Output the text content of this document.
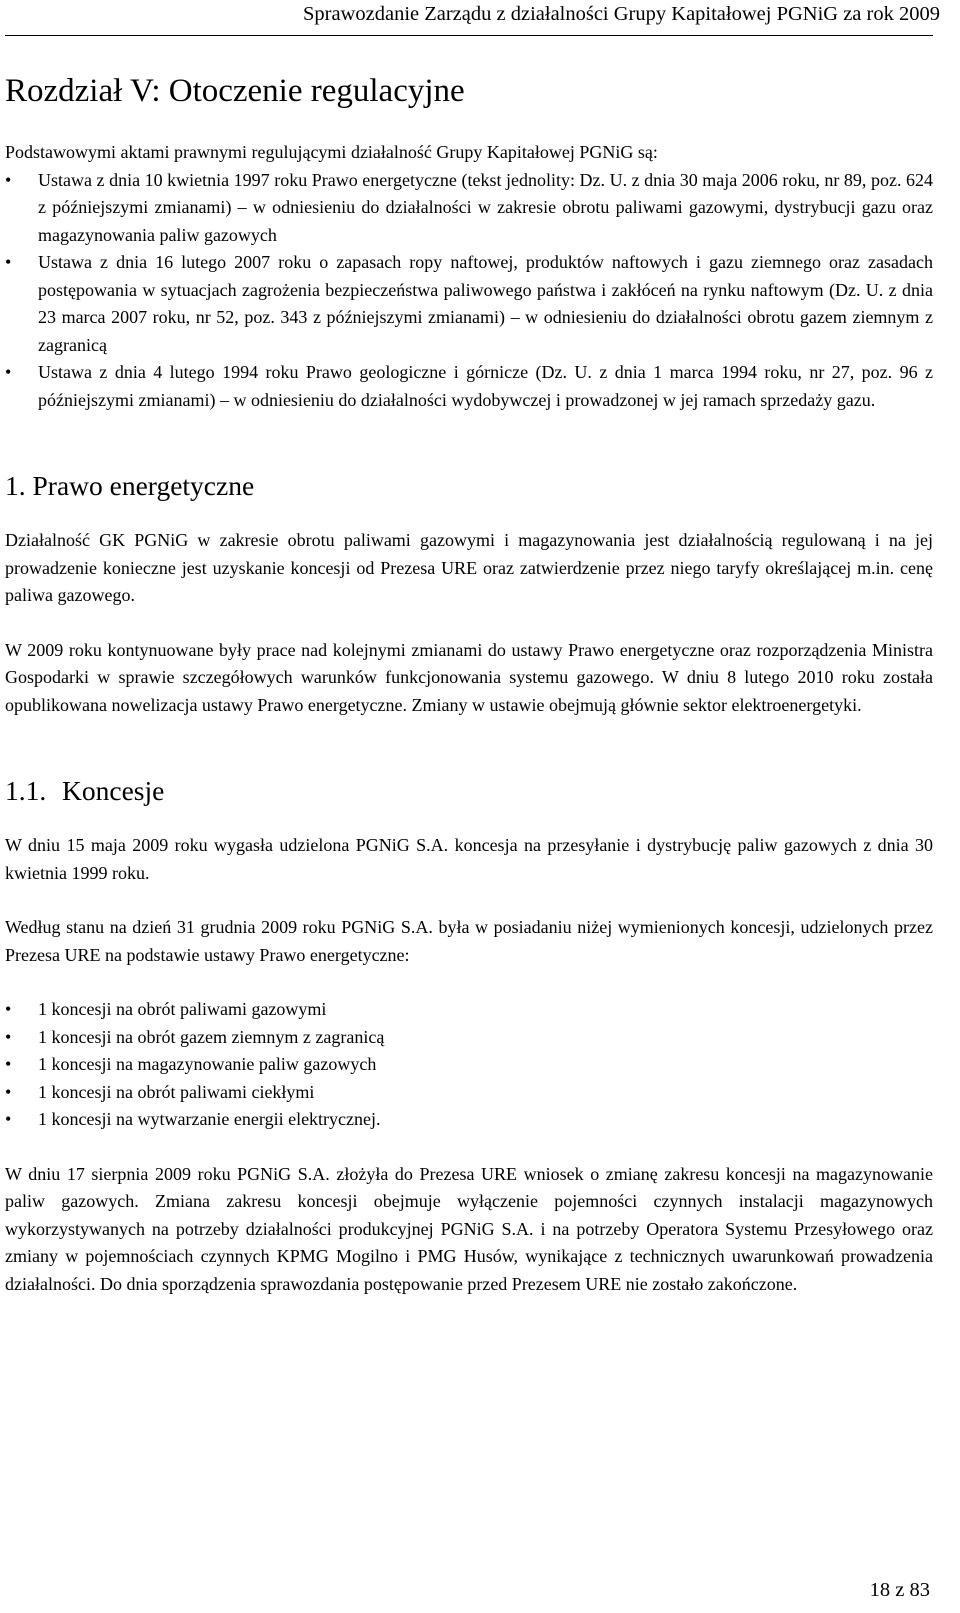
Sprawozdanie Zarządu z działalności Grupy Kapitałowej PGNiG za rok 2009
Rozdział V: Otoczenie regulacyjne

Podstawowymi aktami prawnymi regulującymi działalność Grupy Kapitałowej PGNiG są:

•	Ustawa z dnia 10 kwietnia 1997 roku Prawo energetyczne (tekst jednolity: Dz. U. z dnia 30 maja 2006 roku, nr 89, poz. 624 z późniejszymi zmianami) – w odniesieniu do działalności w zakresie obrotu paliwami gazowymi, dystrybucji gazu oraz magazynowania paliw gazowych
•	Ustawa z dnia 16 lutego 2007 roku o zapasach ropy naftowej, produktów naftowych i gazu ziemnego oraz zasadach postępowania w sytuacjach zagrożenia bezpieczeństwa paliwowego państwa i zakłóceń na rynku naftowym (Dz. U. z dnia 23 marca 2007 roku, nr 52, poz. 343 z późniejszymi zmianami) – w odniesieniu do działalności obrotu gazem ziemnym z zagranicą
•	Ustawa z dnia 4 lutego 1994 roku Prawo geologiczne i górnicze (Dz. U. z dnia 1 marca 1994 roku, nr 27, poz. 96 z późniejszymi zmianami) – w odniesieniu do działalności wydobywczej i prowadzonej w jej ramach sprzedaży gazu.
1. Prawo energetyczne

Działalność GK PGNiG w zakresie obrotu paliwami gazowymi i magazynowania jest działalnością regulowaną i na jej prowadzenie konieczne jest uzyskanie koncesji od Prezesa URE oraz zatwierdzenie przez niego taryfy określającej m.in. cenę paliwa gazowego.

W 2009 roku kontynuowane były prace nad kolejnymi zmianami do ustawy Prawo energetyczne oraz rozporządzenia Ministra Gospodarki w sprawie szczegółowych warunków funkcjonowania systemu gazowego. W dniu 8 lutego 2010 roku została opublikowana nowelizacja ustawy Prawo energetyczne. Zmiany w ustawie obejmują głównie sektor elektroenergetyki.

1.1. Koncesje

W dniu 15 maja 2009 roku wygasła udzielona PGNiG S.A. koncesja na przesyłanie i dystrybucję paliw gazowych z dnia 30 kwietnia 1999 roku.

Według stanu na dzień 31 grudnia 2009 roku PGNiG S.A. była w posiadaniu niżej wymienionych koncesji, udzielonych przez Prezesa URE na podstawie ustawy Prawo energetyczne:

•	1 koncesji na obrót paliwami gazowymi
•	1 koncesji na obrót gazem ziemnym z zagranicą
•	1 koncesji na magazynowanie paliw gazowych
•	1 koncesji na obrót paliwami ciekłymi
•	1 koncesji na wytwarzanie energii elektrycznej.

W dniu 17 sierpnia 2009 roku PGNiG S.A. złożyła do Prezesa URE wniosek o zmianę zakresu koncesji na magazynowanie paliw gazowych. Zmiana zakresu koncesji obejmuje wyłączenie pojemności czynnych instalacji magazynowych wykorzystywanych na potrzeby działalności produkcyjnej PGNiG S.A. i na potrzeby Operatora Systemu Przesyłowego oraz zmiany w pojemnościach czynnych KPMG Mogilno i PMG Husów, wynikające z technicznych uwarunkowań prowadzenia działalności. Do dnia sporządzenia sprawozdania postępowanie przed Prezesem URE nie zostało zakończone.

18 z 83
